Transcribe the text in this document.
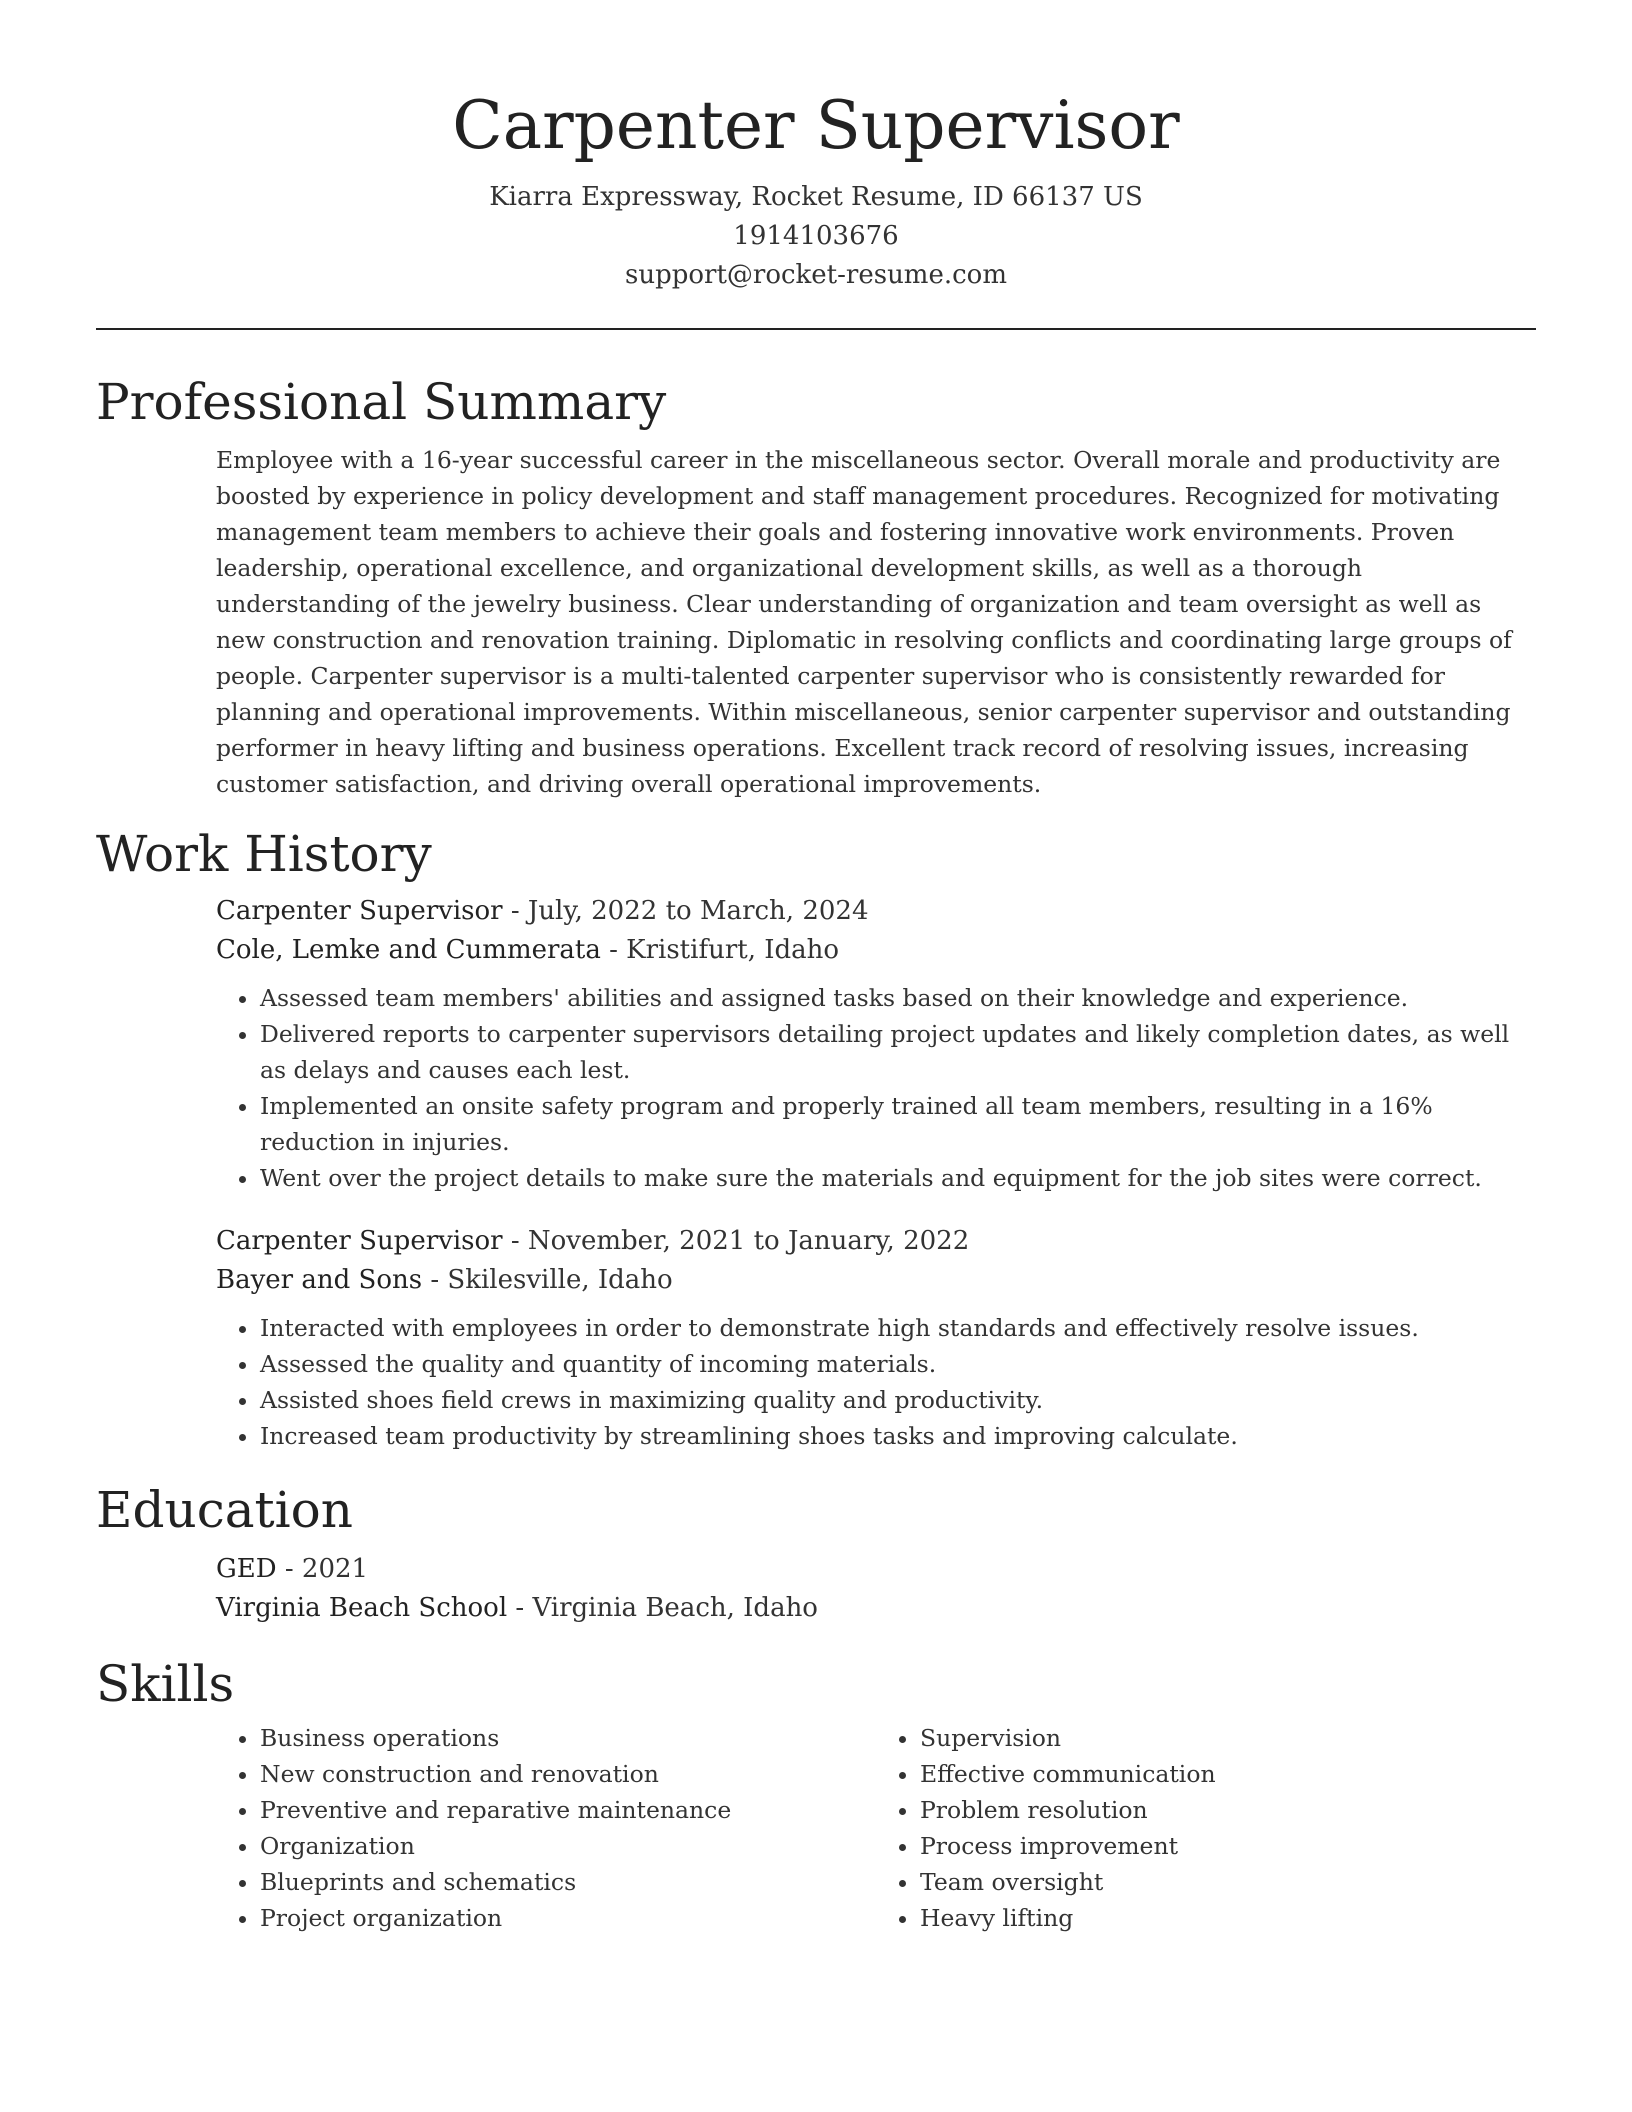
Carpenter Supervisor
Kiarra Expressway, Rocket Resume, ID 66137 US
1914103676
support@rocket-resume.com
Professional Summary

Employee with a 16-year successful career in the miscellaneous sector. Overall morale and productivity are boosted by experience in policy development and staff management procedures. Recognized for motivating management team members to achieve their goals and fostering innovative work environments. Proven leadership, operational excellence, and organizational development skills, as well as a thorough understanding of the jewelry business. Clear understanding of organization and team oversight as well as new construction and renovation training. Diplomatic in resolving conflicts and coordinating large groups of people. Carpenter supervisor is a multi-talented carpenter supervisor who is consistently rewarded for planning and operational improvements. Within miscellaneous, senior carpenter supervisor and outstanding performer in heavy lifting and business operations. Excellent track record of resolving issues, increasing customer satisfaction, and driving overall operational improvements.

Work History
Carpenter Supervisor - July, 2022 to March, 2024
Cole, Lemke and Cummerata - Kristifurt, Idaho
• Assessed team members' abilities and assigned tasks based on their knowledge and experience.
• Delivered reports to carpenter supervisors detailing project updates and likely completion dates, as well as delays and causes each lest.
• Implemented an onsite safety program and properly trained all team members, resulting in a 16% reduction in injuries.
• Went over the project details to make sure the materials and equipment for the job sites were correct.
Carpenter Supervisor - November, 2021 to January, 2022
Bayer and Sons - Skilesville, Idaho
• Interacted with employees in order to demonstrate high standards and effectively resolve issues.
• Assessed the quality and quantity of incoming materials.
• Assisted shoes field crews in maximizing quality and productivity.
• Increased team productivity by streamlining shoes tasks and improving calculate.
Education
GED - 2021
Virginia Beach School - Virginia Beach, Idaho
Skills
• Business operations
• New construction and renovation
• Preventive and reparative maintenance
• Organization
• Blueprints and schematics
• Project organization
• Supervision
• Effective communication
• Problem resolution
• Process improvement
• Team oversight
• Heavy lifting
